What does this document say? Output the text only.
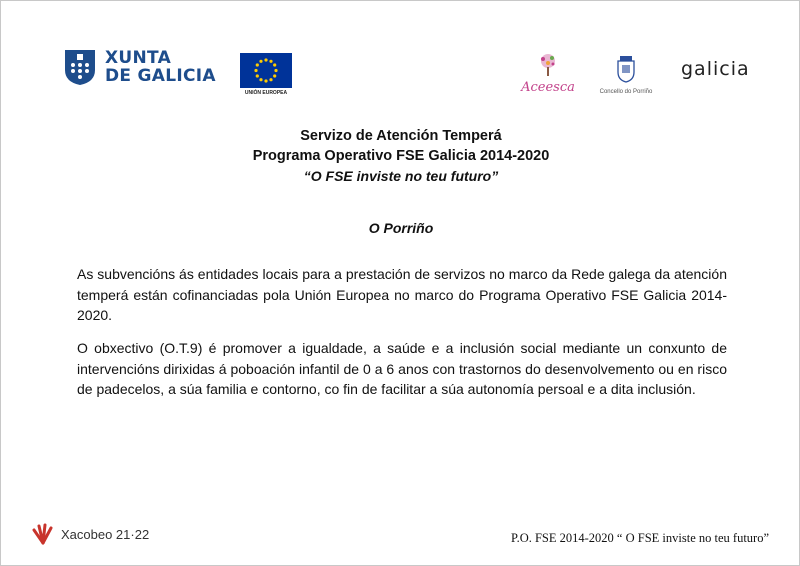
XUNTA
DE GALICIA
UNIÓN EUROPEA	Aceesca	Concello do Porriño
galicia
Servizo de Atención Temperá
Programa Operativo FSE Galicia 2014-2020
“O FSE inviste no teu futuro”
O Porriño

As subvencións ás entidades locais para a prestación de servizos no marco da Rede galega da atención temperá están cofinanciadas pola Unión Europea no marco do Programa Operativo FSE Galicia 2014-2020.

O obxectivo (O.T.9) é promover a igualdade, a saúde e a inclusión social mediante un conxunto de intervencións dirixidas á poboación infantil de 0 a 6 anos con trastornos do desenvolvemento ou en risco de padecelos, a súa familia e contorno, co fin de facilitar a súa autonomía persoal e a dita inclusión.

Xacobeo 21·22	P.O. FSE 2014-2020 “ O FSE inviste no teu futuro”
